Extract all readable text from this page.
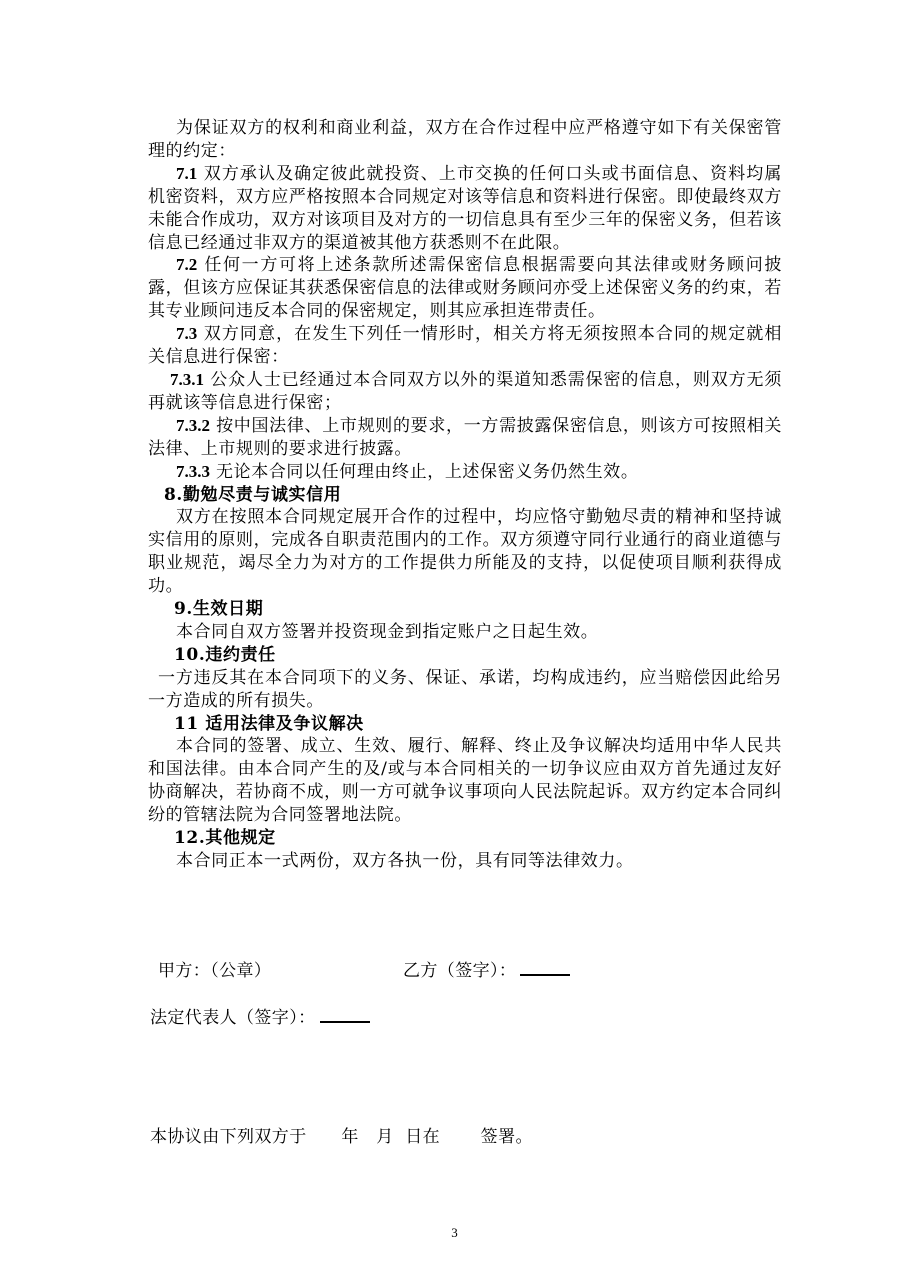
为保证双方的权利和商业利益，双方在合作过程中应严格遵守如下有关保密管理的约定：

7.1 双方承认及确定彼此就投资、上市交换的任何口头或书面信息、资料均属机密资料，双方应严格按照本合同规定对该等信息和资料进行保密。即使最终双方未能合作成功，双方对该项目及对方的一切信息具有至少三年的保密义务，但若该信息已经通过非双方的渠道被其他方获悉则不在此限。

7.2 任何一方可将上述条款所述需保密信息根据需要向其法律或财务顾问披露，但该方应保证其获悉保密信息的法律或财务顾问亦受上述保密义务的约束，若其专业顾问违反本合同的保密规定，则其应承担连带责任。

7.3 双方同意，在发生下列任一情形时，相关方将无须按照本合同的规定就相关信息进行保密：

7.3.1 公众人士已经通过本合同双方以外的渠道知悉需保密的信息，则双方无须再就该等信息进行保密；

7.3.2 按中国法律、上市规则的要求，一方需披露保密信息，则该方可按照相关法律、上市规则的要求进行披露。

7.3.3 无论本合同以任何理由终止，上述保密义务仍然生效。

8.勤勉尽责与诚实信用

双方在按照本合同规定展开合作的过程中，均应恪守勤勉尽责的精神和坚持诚实信用的原则，完成各自职责范围内的工作。双方须遵守同行业通行的商业道德与职业规范，竭尽全力为对方的工作提供力所能及的支持，以促使项目顺利获得成功。

9.生效日期

本合同自双方签署并投资现金到指定账户之日起生效。

10.违约责任

一方违反其在本合同项下的义务、保证、承诺，均构成违约，应当赔偿因此给另一方造成的所有损失。

11 适用法律及争议解决

本合同的签署、成立、生效、履行、解释、终止及争议解决均适用中华人民共和国法律。由本合同产生的及/或与本合同相关的一切争议应由双方首先通过友好协商解决，若协商不成，则一方可就争议事项向人民法院起诉。双方约定本合同纠纷的管辖法院为合同签署地法院。

12.其他规定

本合同正本一式两份，双方各执一份，具有同等法律效力。

甲方：（公章）	乙方（签字）：
法定代表人（签字）：
本协议由下列双方于      年   月  日在       签署。
3
